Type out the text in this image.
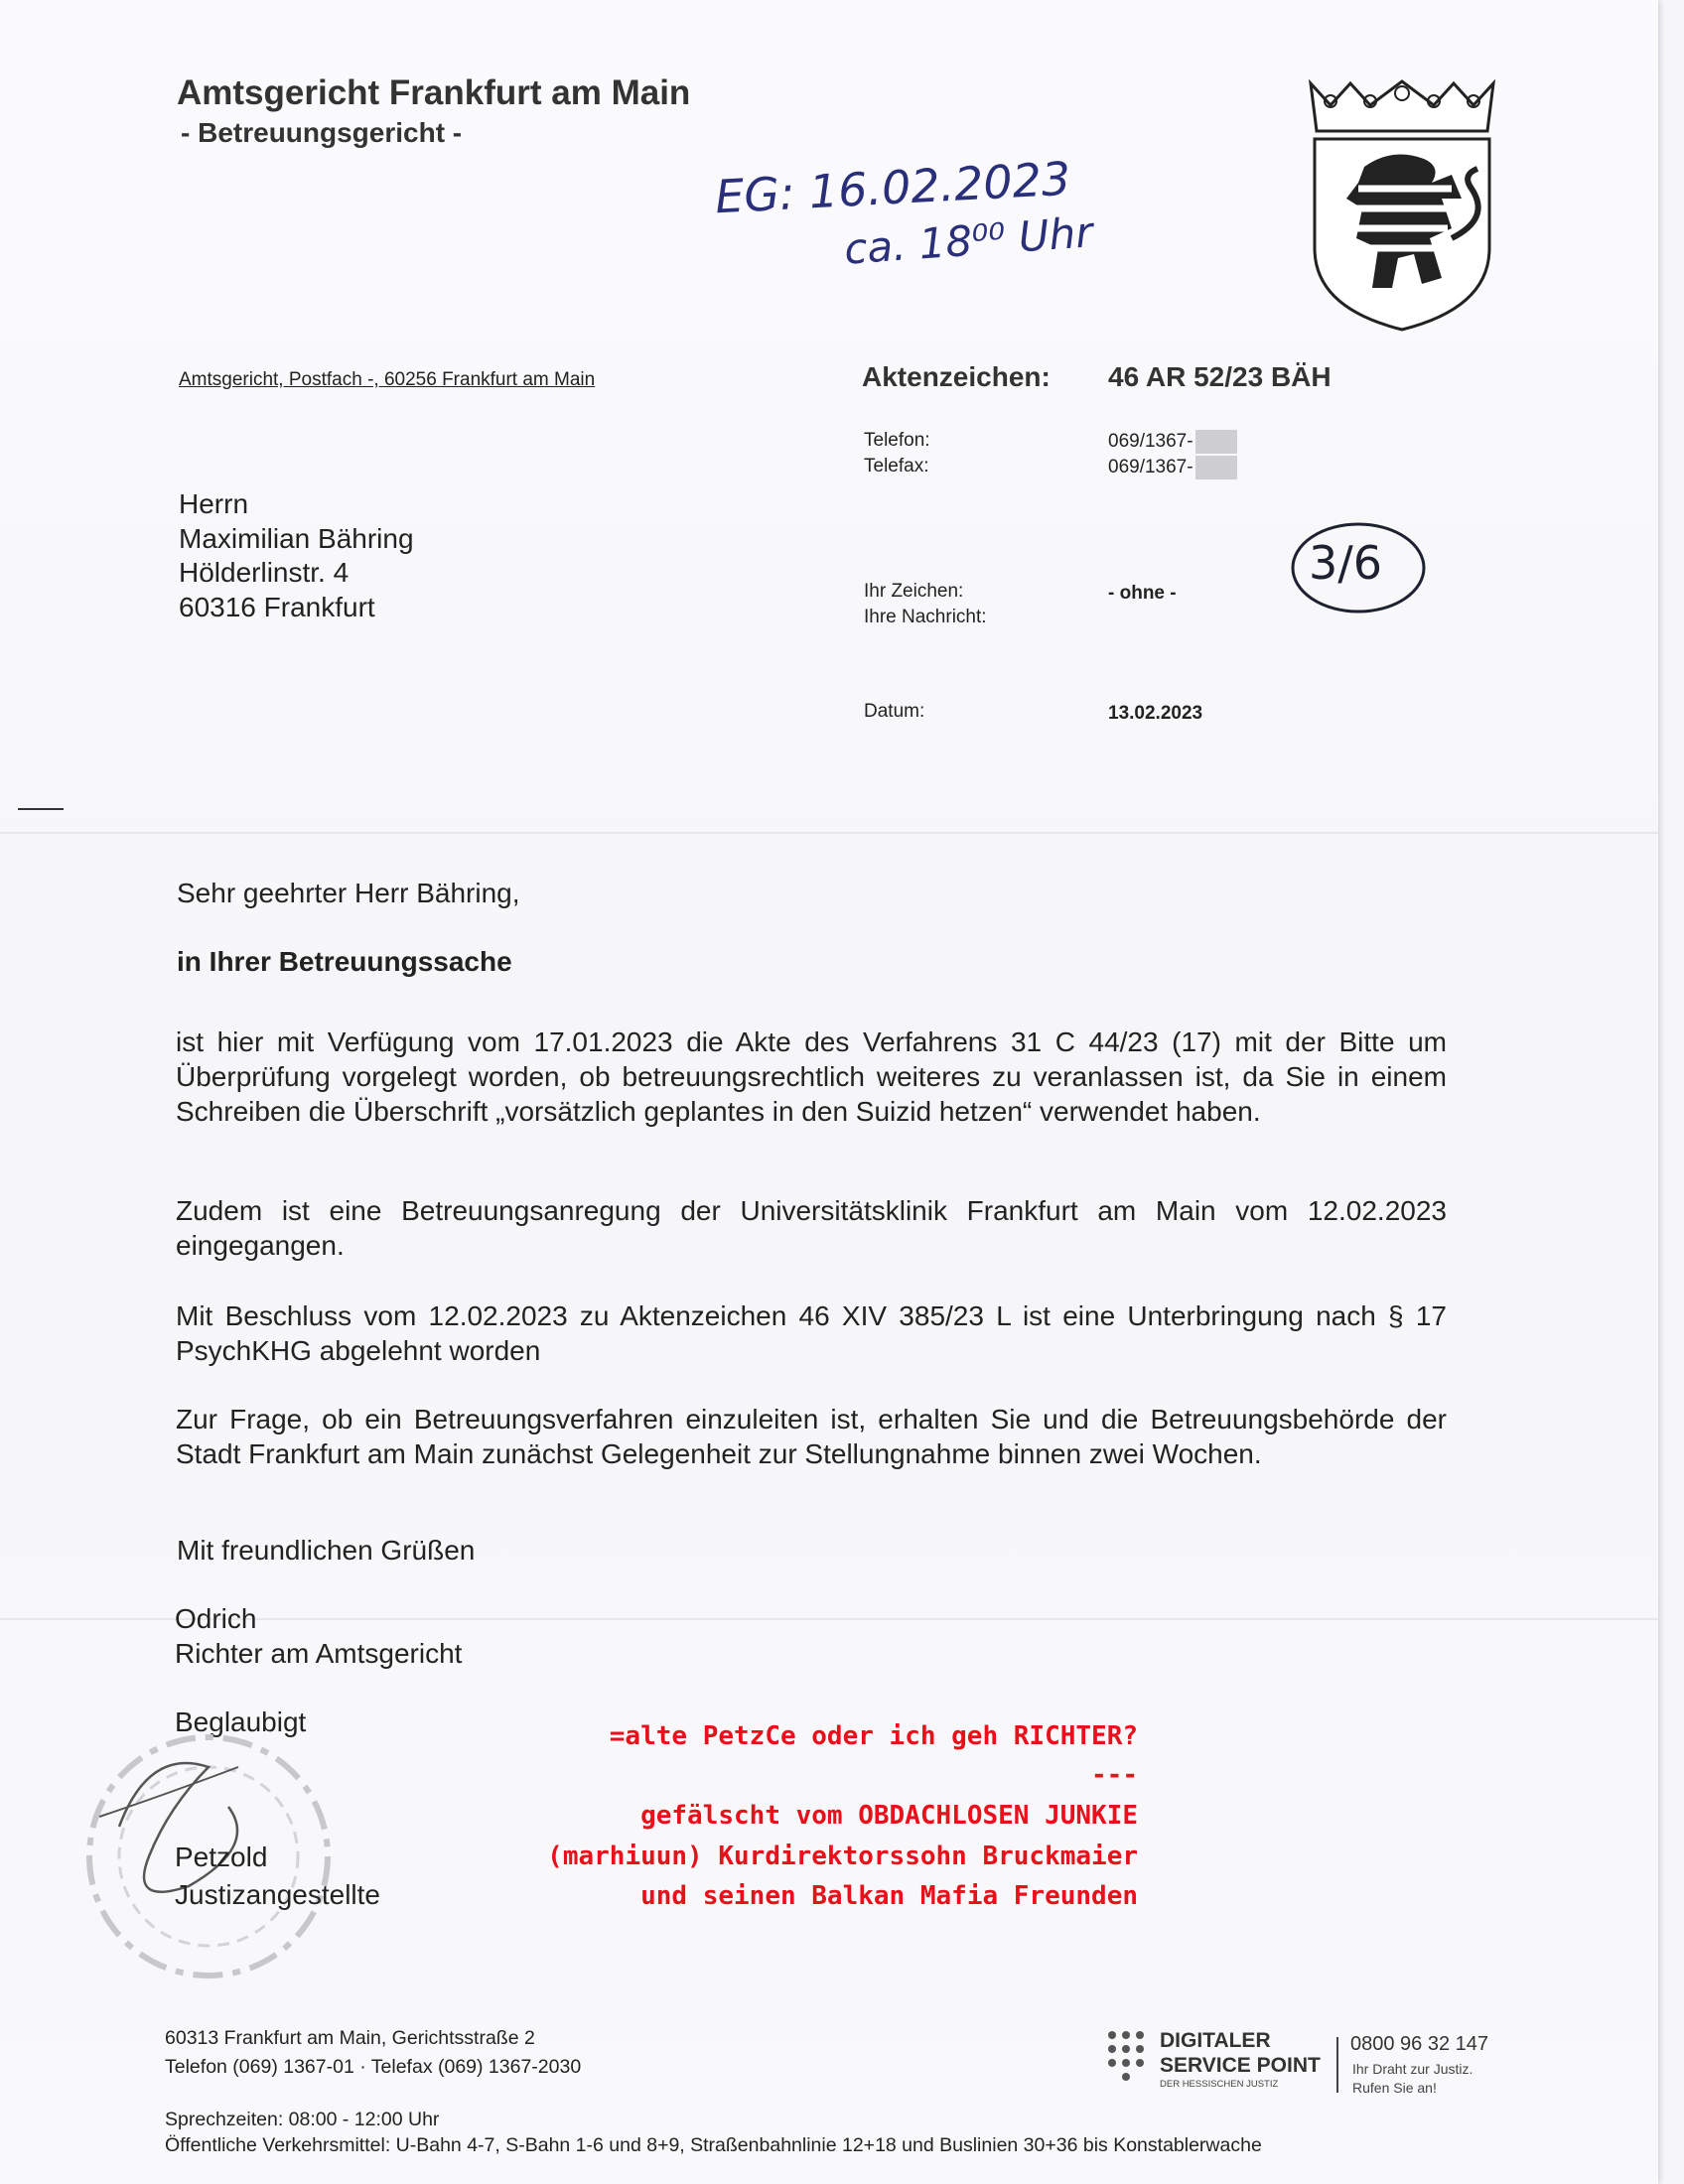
Amtsgericht Frankfurt am Main
- Betreuungsgericht -
Amtsgericht, Postfach -, 60256 Frankfurt am Main	Aktenzeichen: 46 AR 52/23 BÄH
Telefon:	069/1367-
Telefax:	069/1367-
Ihr Zeichen:	- ohne -
Ihre Nachricht:
Datum:	13.02.2023
EG: 16.02.2023
ca. 18⁰⁰ Uhr
3/6
Herrn
Maximilian Bähring
Hölderlinstr. 4
60316 Frankfurt
Sehr geehrter Herr Bähring,
in Ihrer Betreuungssache
ist hier mit Verfügung vom 17.01.2023 die Akte des Verfahrens 31 C 44/23 (17) mit der Bitte um Überprüfung vorgelegt worden, ob betreuungsrechtlich weiteres zu veranlassen ist, da Sie in einem Schreiben die Überschrift „vorsätzlich geplantes in den Suizid hetzen“ verwendet haben.
Zudem ist eine Betreuungsanregung der Universitätsklinik Frankfurt am Main vom 12.02.2023 eingegangen.
Mit Beschluss vom 12.02.2023 zu Aktenzeichen 46 XIV 385/23 L ist eine Unterbringung nach § 17 PsychKHG abgelehnt worden
Zur Frage, ob ein Betreuungsverfahren einzuleiten ist, erhalten Sie und die Betreuungsbehörde der Stadt Frankfurt am Main zunächst Gelegenheit zur Stellungnahme binnen zwei Wochen.
Mit freundlichen Grüßen
Odrich
Richter am Amtsgericht
Beglaubigt
Petzold
Justizangestellte
=alte PetzCe oder ich geh RICHTER?
---
gefälscht vom OBDACHLOSEN JUNKIE
(marhiuun) Kurdirektorssohn Bruckmaier
und seinen Balkan Mafia Freunden
60313 Frankfurt am Main, Gerichtsstraße 2
Telefon (069) 1367-01 · Telefax (069) 1367-2030
Sprechzeiten: 08:00 - 12:00 Uhr
Öffentliche Verkehrsmittel: U-Bahn 4-7, S-Bahn 1-6 und 8+9, Straßenbahnlinie 12+18 und Buslinien 30+36 bis Konstablerwache
DIGITALER
SERVICE POINT
DER HESSISCHEN JUSTIZ
0800 96 32 147
Ihr Draht zur Justiz.
Rufen Sie an!
